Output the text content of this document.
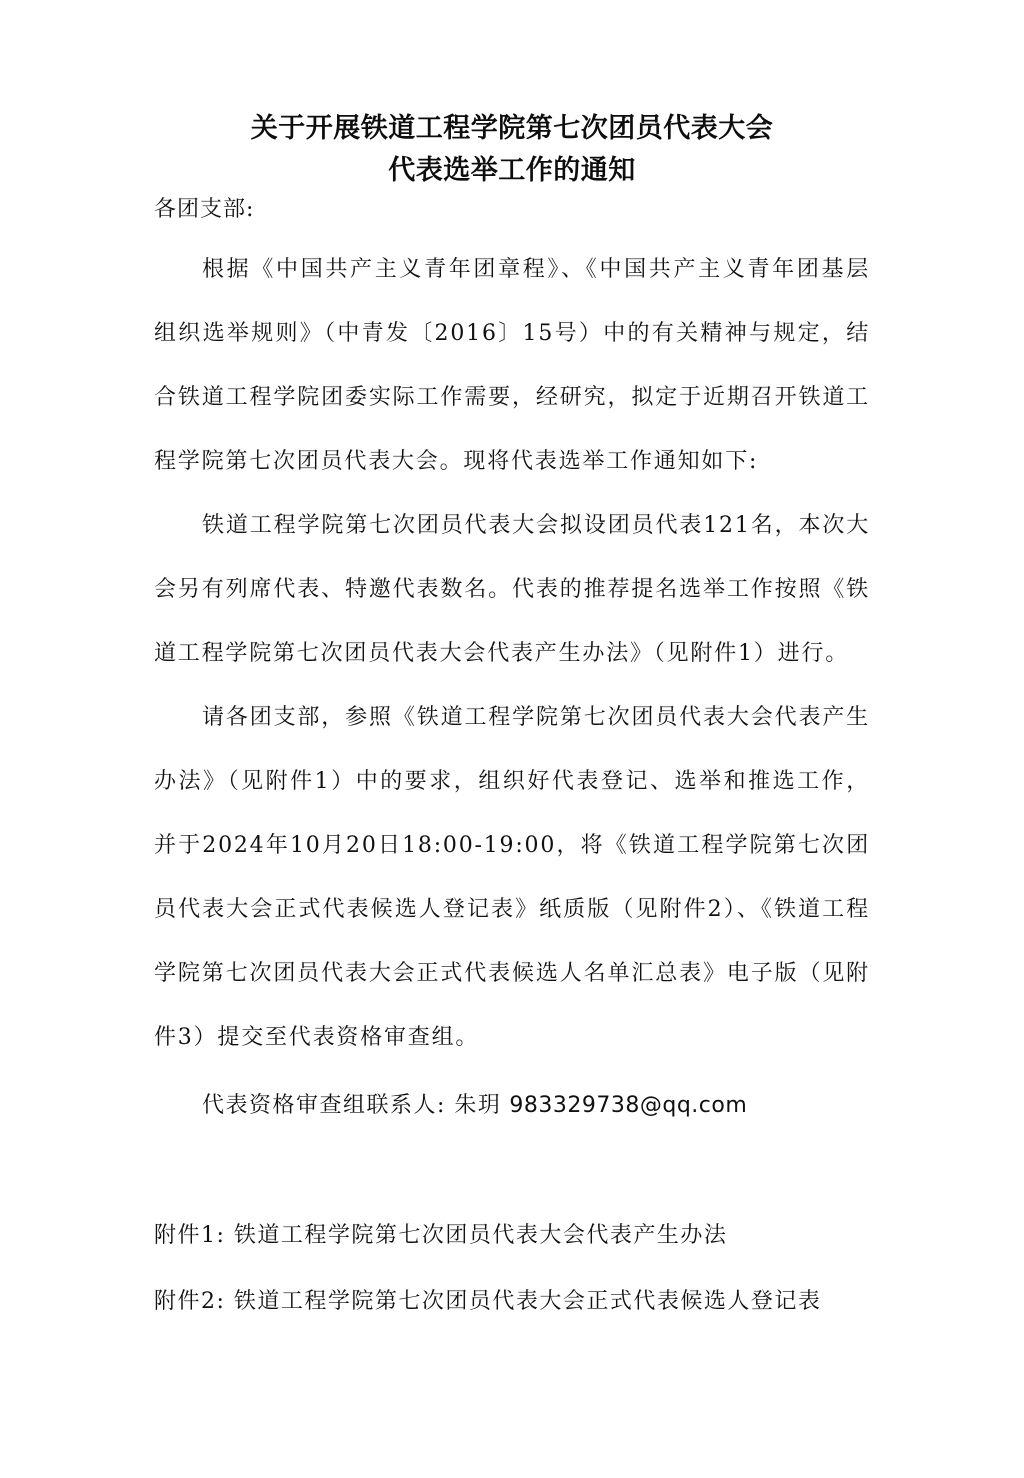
关于开展铁道工程学院第七次团员代表大会
代表选举工作的通知
各团支部:
根据《中国共产主义青年团章程》、《中国共产主义青年团基层组织选举规则》（中青发〔2016〕15号）中的有关精神与规定，结合铁道工程学院团委实际工作需要，经研究，拟定于近期召开铁道工程学院第七次团员代表大会。现将代表选举工作通知如下:
铁道工程学院第七次团员代表大会拟设团员代表121名，本次大会另有列席代表、特邀代表数名。代表的推荐提名选举工作按照《铁道工程学院第七次团员代表大会代表产生办法》（见附件1）进行。
请各团支部，参照《铁道工程学院第七次团员代表大会代表产生办法》（见附件1）中的要求，组织好代表登记、选举和推选工作，并于2024年10月20日18:00-19:00，将《铁道工程学院第七次团员代表大会正式代表候选人登记表》纸质版（见附件2）、《铁道工程学院第七次团员代表大会正式代表候选人名单汇总表》电子版（见附件3）提交至代表资格审查组。
代表资格审查组联系人: 朱玥 983329738@qq.com
附件1: 铁道工程学院第七次团员代表大会代表产生办法
附件2: 铁道工程学院第七次团员代表大会正式代表候选人登记表
